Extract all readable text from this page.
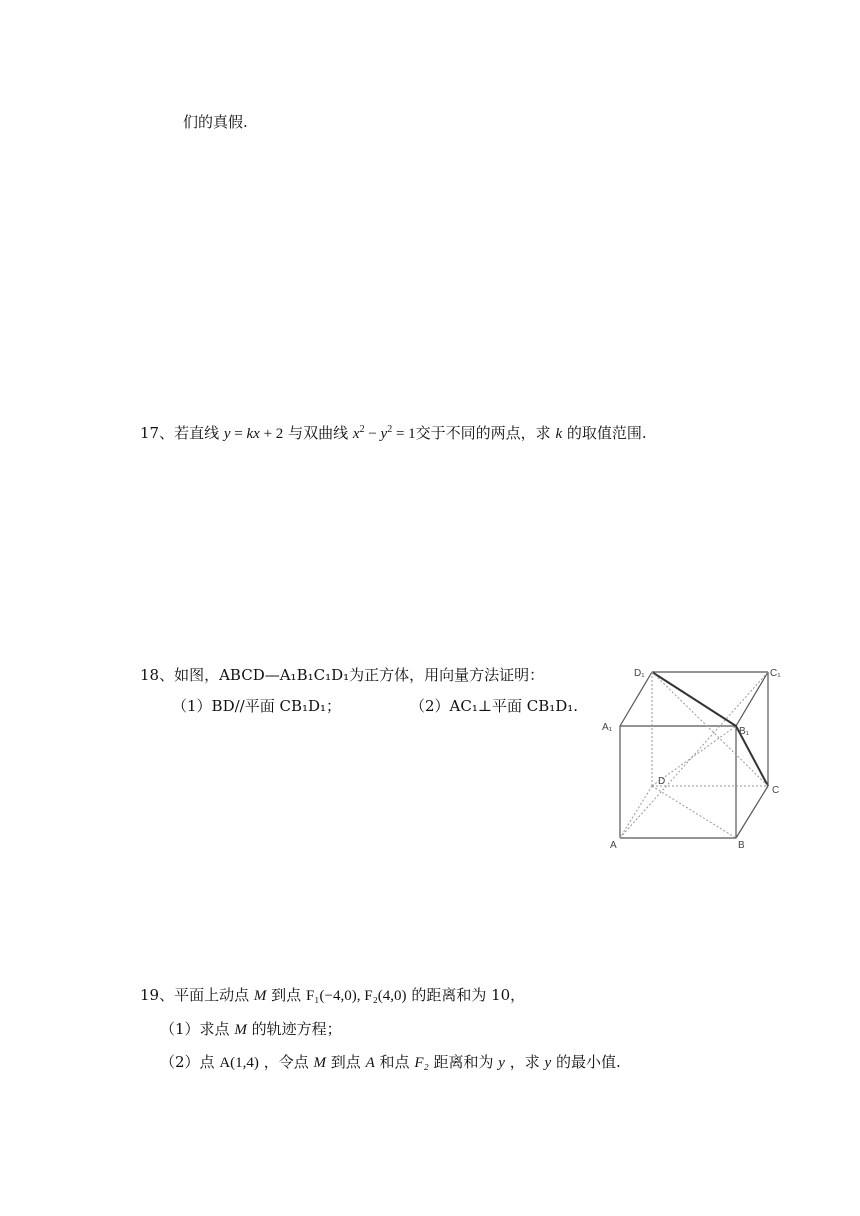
们的真假.
17、若直线 y = kx + 2 与双曲线 $x^2 - y^2 = 1$交于不同的两点，求 k 的取值范围.
18、如图，ABCD—A₁B₁C₁D₁为正方体，用向量方法证明：
（1）BD//平面 CB₁D₁；	（2）AC₁⊥平面 CB₁D₁.
D₁	C₁
A₁	B₁
D
C
A	B
19、平面上动点 M 到点 F₁(−4,0), F₂(4,0) 的距离和为 10，
（1）求点 M 的轨迹方程；
（2）点 A(1,4) ，令点 M 到点 A 和点 F₂ 距离和为 y ，求 y 的最小值.
